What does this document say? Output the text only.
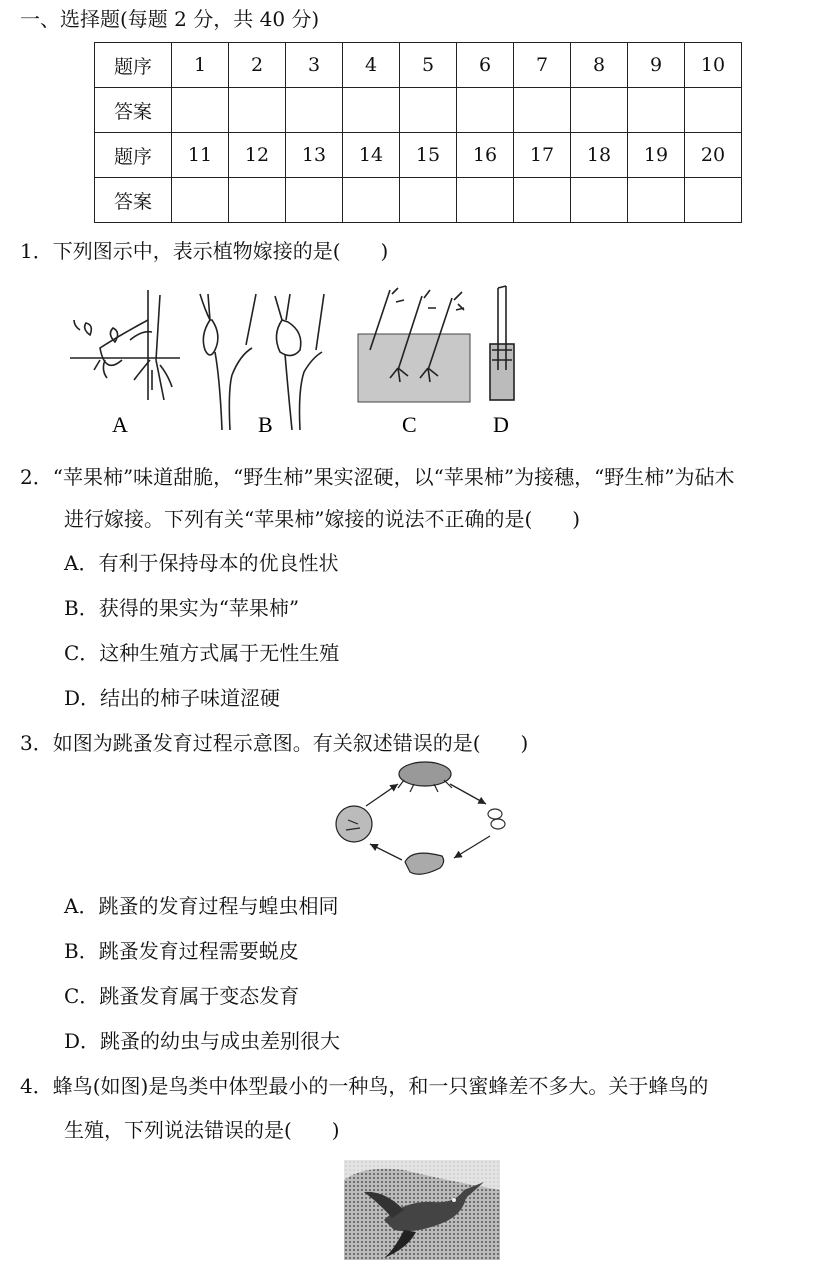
一、选择题(每题 2 分，共 40 分)
题序	1	2	3	4	5	6	7	8	9	10
答案										
题序	11	12	13	14	15	16	17	18	19	20
答案										
1．下列图示中，表示植物嫁接的是(　　)
A	B	C	D
2．“苹果柿”味道甜脆，“野生柿”果实涩硬，以“苹果柿”为接穗，“野生柿”为砧木
进行嫁接。下列有关“苹果柿”嫁接的说法不正确的是(　　)
A．有利于保持母本的优良性状
B．获得的果实为“苹果柿”
C．这种生殖方式属于无性生殖
D．结出的柿子味道涩硬
3．如图为跳蚤发育过程示意图。有关叙述错误的是(　　)
A．跳蚤的发育过程与蝗虫相同
B．跳蚤发育过程需要蜕皮
C．跳蚤发育属于变态发育
D．跳蚤的幼虫与成虫差别很大
4．蜂鸟(如图)是鸟类中体型最小的一种鸟，和一只蜜蜂差不多大。关于蜂鸟的
生殖，下列说法错误的是(　　)
